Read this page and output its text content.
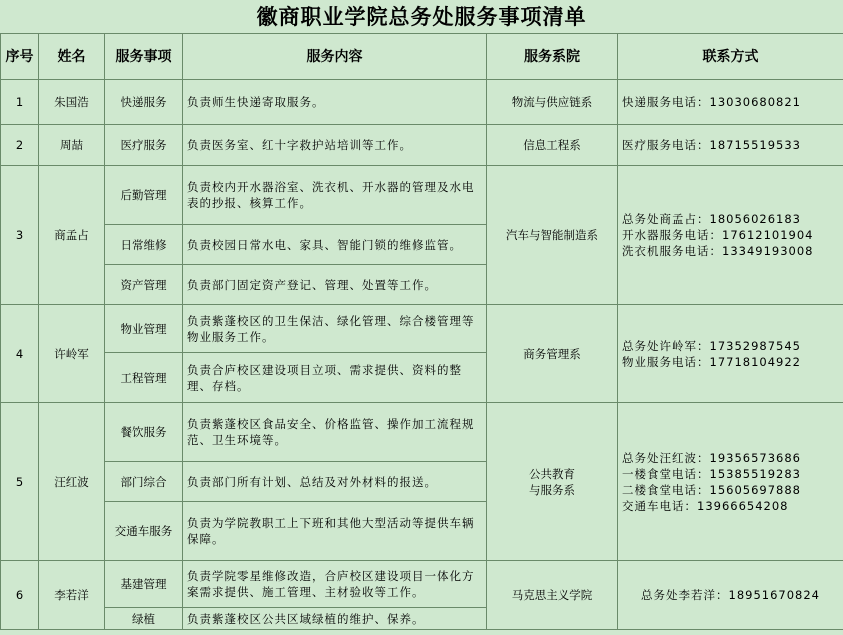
徽商职业学院总务处服务事项清单
序号	姓名	服务事项	服务内容	服务系院	联系方式
1	朱国浩	快递服务	负责师生快递寄取服务。	物流与供应链系	快递服务电话：13030680821

2	周喆	医疗服务	负责医务室、红十字救护站培训等工作。	信息工程系	医疗服务电话：18715519533

3	商孟占	后勤管理	负责校内开水器浴室、洗衣机、开水器的管理及水电表的抄报、核算工作。	汽车与智能制造系	总务处商孟占：18056026183
开水器服务电话：17612101904
洗衣机服务电话：13349193008

		日常维修	负责校园日常水电、家具、智能门锁的维修监管。		
		资产管理	负责部门固定资产登记、管理、处置等工作。		
4	许岭军	物业管理	负责紫蓬校区的卫生保洁、绿化管理、综合楼管理等物业服务工作。	商务管理系	总务处许岭军：17352987545
物业服务电话：17718104922

		工程管理	负责合庐校区建设项目立项、需求提供、资料的整理、存档。		
5	汪红波	餐饮服务	负责紫蓬校区食品安全、价格监管、操作加工流程规范、卫生环境等。	公共教育
与服务系	总务处汪红波：19356573686
一楼食堂电话：15385519283
二楼食堂电话：15605697888
交通车电话：13966654208

		部门综合	负责部门所有计划、总结及对外材料的报送。		
		交通车服务	负责为学院教职工上下班和其他大型活动等提供车辆保障。		
6	李若洋	基建管理	负责学院零星维修改造，合庐校区建设项目一体化方案需求提供、施工管理、主材验收等工作。	马克思主义学院	总务处李若洋：18951670824

		绿植	负责紫蓬校区公共区域绿植的维护、保养。		
